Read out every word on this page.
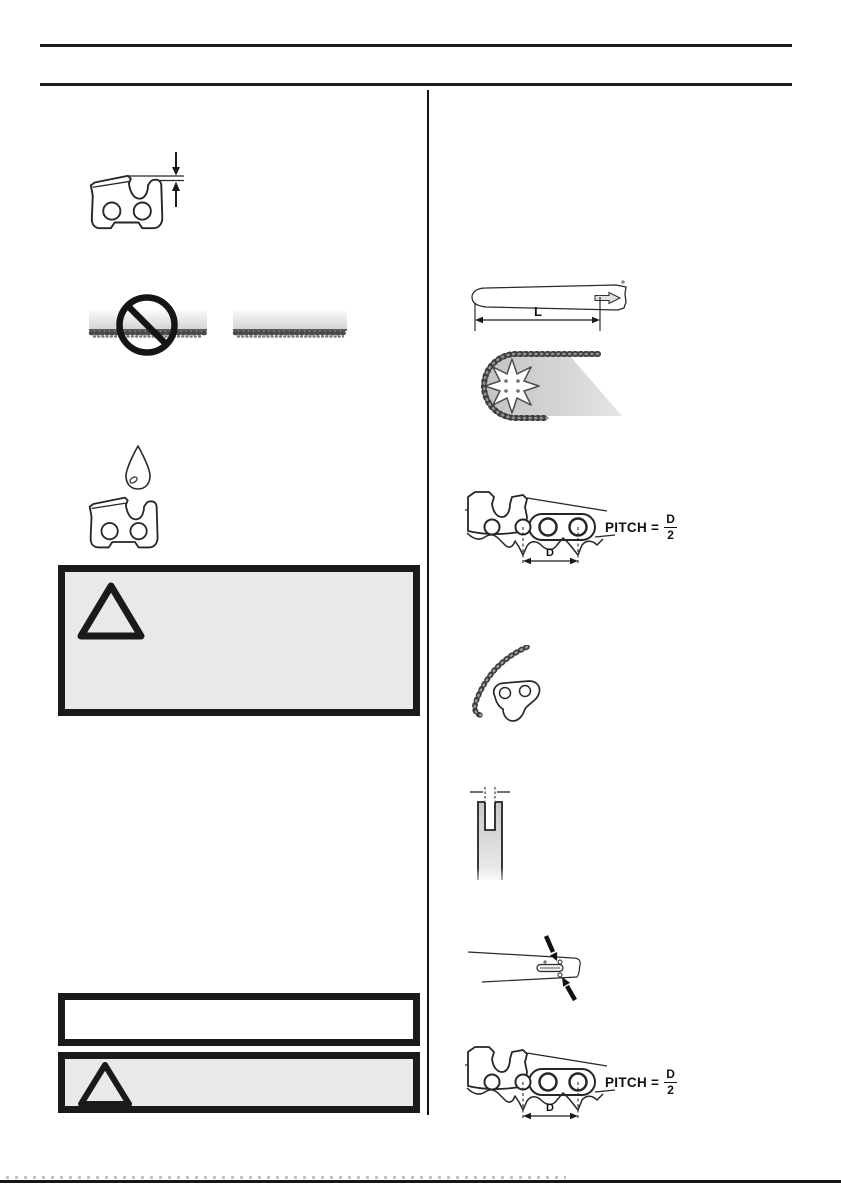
L
D
PITCH = $\frac{D}{2}$
D
PITCH = $\frac{D}{2}$
